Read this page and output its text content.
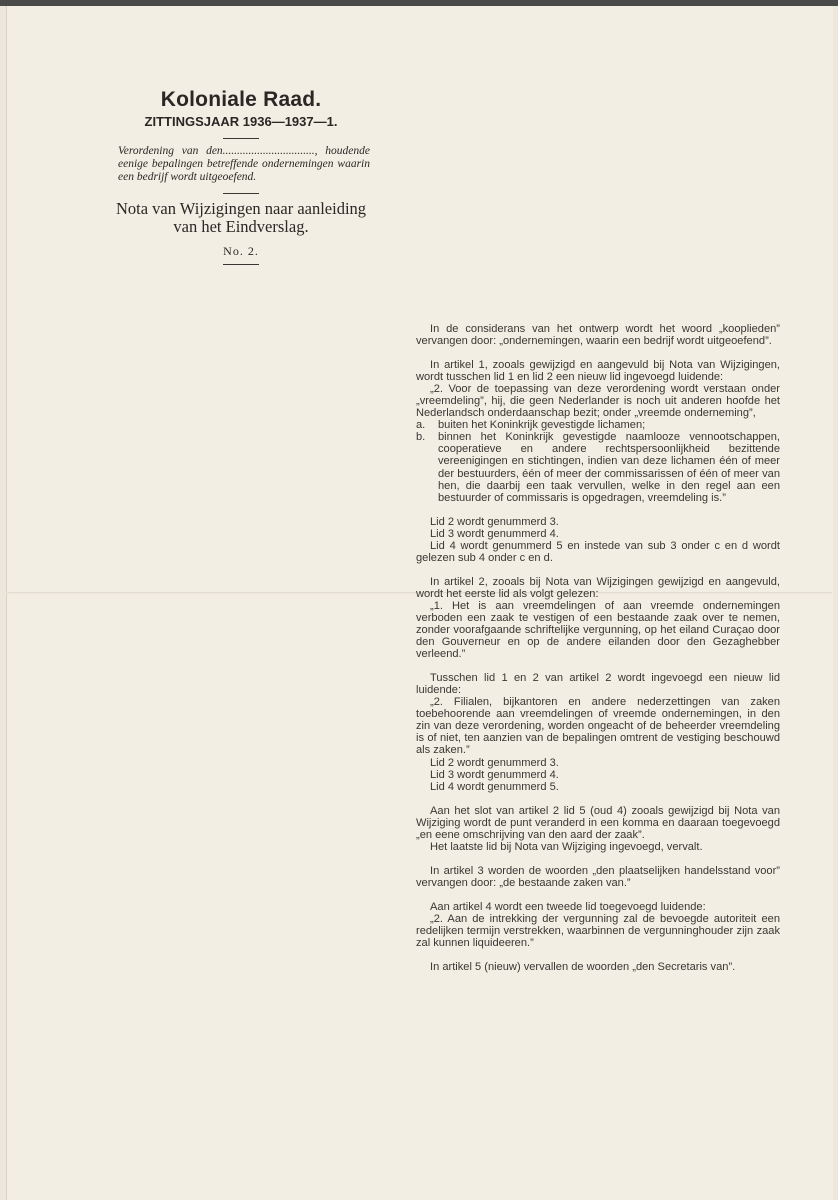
Koloniale Raad.
ZITTINGSJAAR 1936—1937—1.
Verordening van den................................, houdende eenige bepalingen betreffende ondernemingen waarin een bedrijf wordt uitgeoefend.
Nota van Wijzigingen naar aanleiding van het Eindverslag.
No. 2.

In de considerans van het ontwerp wordt het woord „kooplieden” vervangen door: „ondernemingen, waarin een bedrijf wordt uitgeoefend”.

In artikel 1, zooals gewijzigd en aangevuld bij Nota van Wijzigingen, wordt tusschen lid 1 en lid 2 een nieuw lid ingevoegd luidende:
„2. Voor de toepassing van deze verordening wordt verstaan onder „vreemdeling”, hij, die geen Nederlander is noch uit anderen hoofde het Nederlandsch onderdaanschap bezit; onder „vreemde onderneming”,
a.	buiten het Koninkrijk gevestigde lichamen;
b.	binnen het Koninkrijk gevestigde naamlooze vennootschappen, cooperatieve en andere rechtspersoonlijkheid bezittende vereenigingen en stichtingen, indien van deze lichamen één of meer der bestuurders, één of meer der commissarissen of één of meer van hen, die daarbij een taak vervullen, welke in den regel aan een bestuurder of commissaris is opgedragen, vreemdeling is.”
Lid 2 wordt genummerd 3.
Lid 3 wordt genummerd 4.
Lid 4 wordt genummerd 5 en instede van sub 3 onder c en d wordt gelezen sub 4 onder c en d.
In artikel 2, zooals bij Nota van Wijzigingen gewijzigd en aangevuld, wordt het eerste lid als volgt gelezen:
„1. Het is aan vreemdelingen of aan vreemde ondernemingen verboden een zaak te vestigen of een bestaande zaak over te nemen, zonder voorafgaande schriftelijke vergunning, op het eiland Curaçao door den Gouverneur en op de andere eilanden door den Gezaghebber verleend.”
Tusschen lid 1 en 2 van artikel 2 wordt ingevoegd een nieuw lid luidende:
„2. Filialen, bijkantoren en andere nederzettingen van zaken toebehoorende aan vreemdelingen of vreemde ondernemingen, in den zin van deze verordening, worden ongeacht of de beheerder vreemdeling is of niet, ten aanzien van de bepalingen omtrent de vestiging beschouwd als zaken.”
Lid 2 wordt genummerd 3.
Lid 3 wordt genummerd 4.
Lid 4 wordt genummerd 5.
Aan het slot van artikel 2 lid 5 (oud 4) zooals gewijzigd bij Nota van Wijziging wordt de punt veranderd in een komma en daaraan toegevoegd „en eene omschrijving van den aard der zaak”.
Het laatste lid bij Nota van Wijziging ingevoegd, vervalt.

In artikel 3 worden de woorden „den plaatselijken handelsstand voor” vervangen door: „de bestaande zaken van.”

Aan artikel 4 wordt een tweede lid toegevoegd luidende:
„2. Aan de intrekking der vergunning zal de bevoegde autoriteit een redelijken termijn verstrekken, waarbinnen de vergunninghouder zijn zaak zal kunnen liquideeren.”

In artikel 5 (nieuw) vervallen de woorden „den Secretaris van”.
